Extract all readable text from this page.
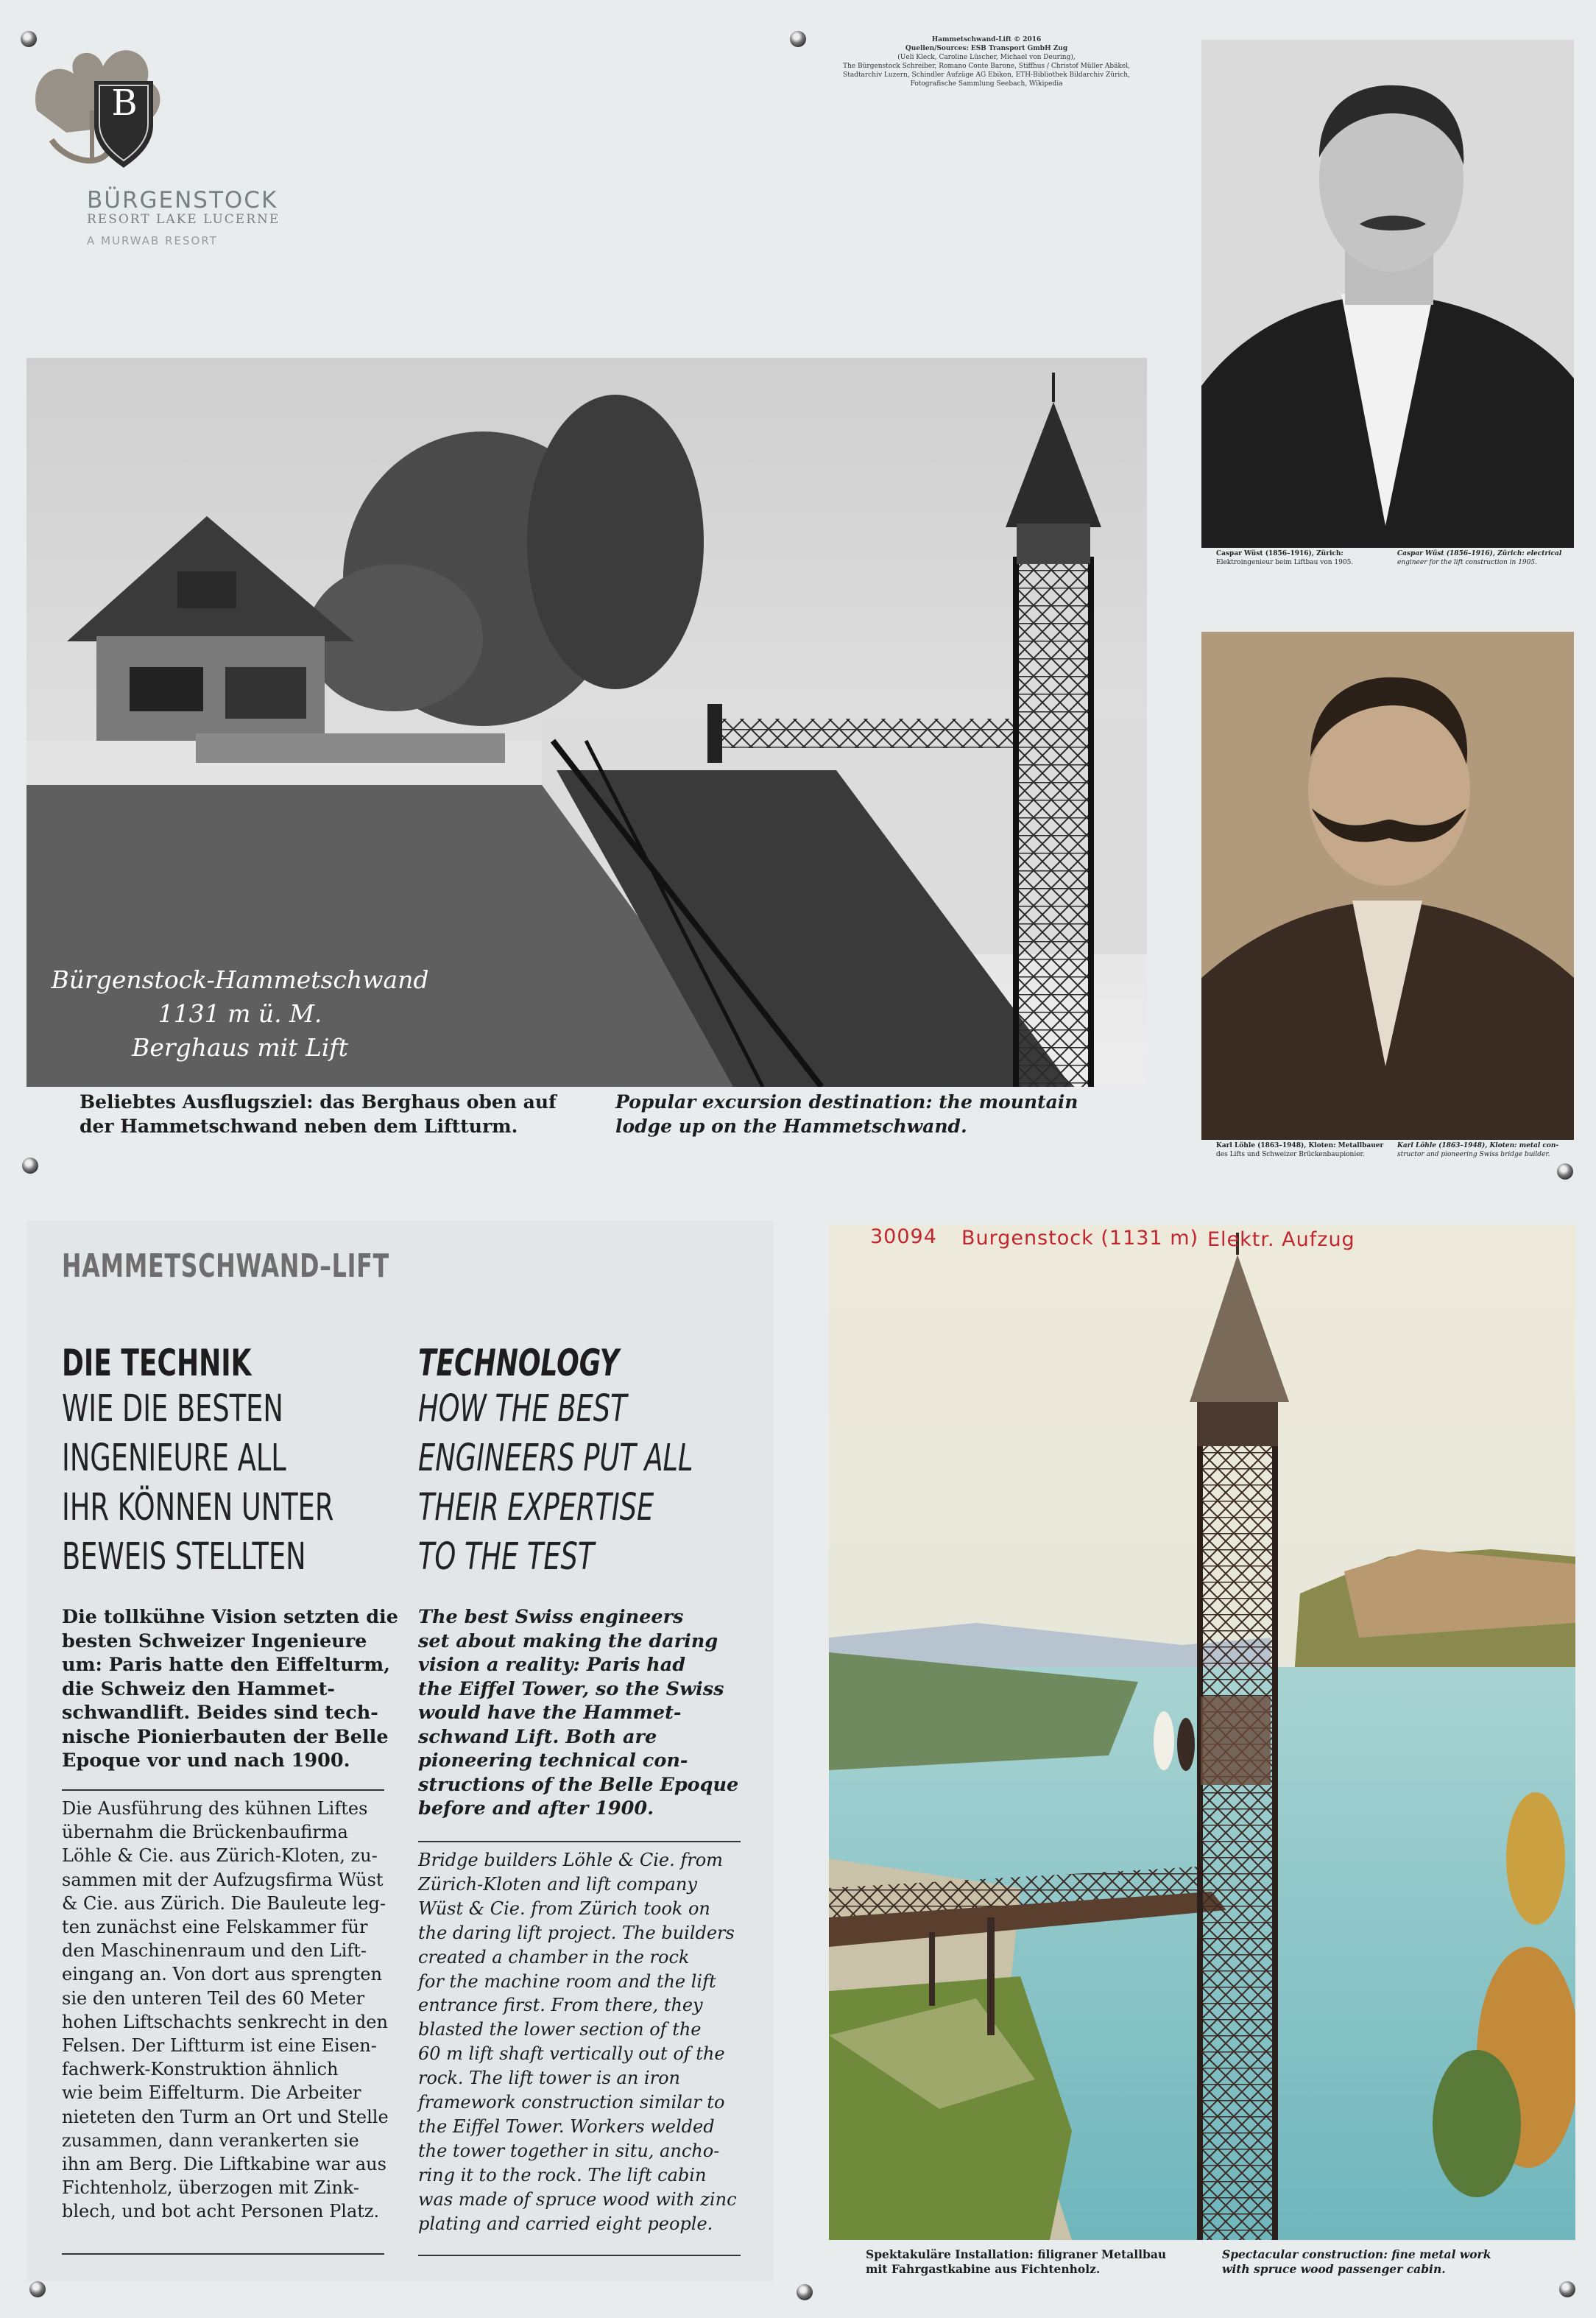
B
BÜRGENSTOCK
RESORT LAKE LUCERNE
A MURWAB RESORT
Hammetschwand-Lift © 2016
Quellen/Sources: ESB Transport GmbH Zug
(Ueli Kleck, Caroline Lüscher, Michael von Deuring),
The Bürgenstock Schreiber, Romano Conte Barone, Stiffhus / Christof Müller Abäkel,
Stadtarchiv Luzern, Schindler Aufzüge AG Ebikon, ETH-Bibliothek Bildarchiv Zürich,
Fotografische Sammlung Seebach, Wikipedia
Bürgenstock-Hammetschwand
1131 m ü. M.
Berghaus mit Lift
Beliebtes Ausflugsziel: das Berghaus oben auf
der Hammetschwand neben dem Liftturm.
Popular excursion destination: the mountain
lodge up on the Hammetschwand.
Caspar Wüst (1856–1916), Zürich:
Elektroingenieur beim Liftbau von 1905.
Caspar Wüst (1856–1916), Zürich: electrical
engineer for the lift construction in 1905.
Karl Löhle (1863–1948), Kloten: Metallbauer
des Lifts und Schweizer Brückenbaupionier.
Karl Löhle (1863–1948), Kloten: metal con-
structor and pioneering Swiss bridge builder.
HAMMETSCHWAND–LIFT
DIE TECHNIK
WIE DIE BESTEN
INGENIEURE ALL
IHR KÖNNEN UNTER
BEWEIS STELLTEN
TECHNOLOGY
HOW THE BEST
ENGINEERS PUT ALL
THEIR EXPERTISE
TO THE TEST
Die tollkühne Vision setzten die
besten Schweizer Ingenieure
um: Paris hatte den Eiffelturm,
die Schweiz den Hammet-
schwandlift. Beides sind tech-
nische Pionierbauten der Belle
Epoque vor und nach 1900.
Die Ausführung des kühnen Liftes
übernahm die Brückenbaufirma
Löhle & Cie. aus Zürich-Kloten, zu-
sammen mit der Aufzugsfirma Wüst
& Cie. aus Zürich. Die Bauleute leg-
ten zunächst eine Felskammer für
den Maschinenraum und den Lift-
eingang an. Von dort aus sprengten
sie den unteren Teil des 60 Meter
hohen Liftschachts senkrecht in den
Felsen. Der Liftturm ist eine Eisen-
fachwerk-Konstruktion ähnlich
wie beim Eiffelturm. Die Arbeiter
nieteten den Turm an Ort und Stelle
zusammen, dann verankerten sie
ihn am Berg. Die Liftkabine war aus
Fichtenholz, überzogen mit Zink-
blech, und bot acht Personen Platz.
The best Swiss engineers
set about making the daring
vision a reality: Paris had
the Eiffel Tower, so the Swiss
would have the Hammet-
schwand Lift. Both are
pioneering technical con-
structions of the Belle Epoque
before and after 1900.
Bridge builders Löhle & Cie. from
Zürich-Kloten and lift company
Wüst & Cie. from Zürich took on
the daring lift project. The builders
created a chamber in the rock
for the machine room and the lift
entrance first. From there, they
blasted the lower section of the
60 m lift shaft vertically out of the
rock. The lift tower is an iron
framework construction similar to
the Eiffel Tower. Workers welded
the tower together in situ, ancho-
ring it to the rock. The lift cabin
was made of spruce wood with zinc
plating and carried eight people.
30094 Burgenstock (1131 m) Elektr. Aufzug
Spektakuläre Installation: filigraner Metallbau
mit Fahrgastkabine aus Fichtenholz.
Spectacular construction: fine metal work
with spruce wood passenger cabin.
